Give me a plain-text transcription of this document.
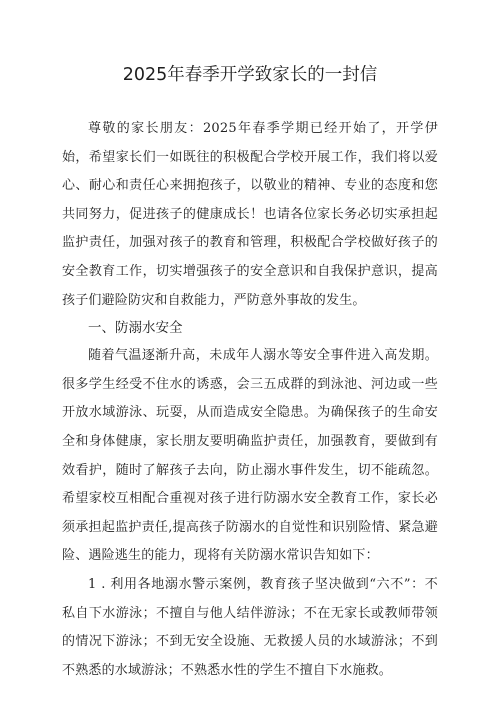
2025年春季开学致家长的一封信

尊敬的家长朋友：2025年春季学期已经开始了，开学伊始，希望家长们一如既往的积极配合学校开展工作，我们将以爱心、耐心和责任心来拥抱孩子，以敬业的精神、专业的态度和您共同努力，促进孩子的健康成长！也请各位家长务必切实承担起监护责任，加强对孩子的教育和管理，积极配合学校做好孩子的安全教育工作，切实增强孩子的安全意识和自我保护意识，提高孩子们避险防灾和自救能力，严防意外事故的发生。

一、防溺水安全

随着气温逐渐升高，未成年人溺水等安全事件进入高发期。很多学生经受不住水的诱惑，会三五成群的到泳池、河边或一些开放水域游泳、玩耍，从而造成安全隐患。为确保孩子的生命安全和身体健康，家长朋友要明确监护责任，加强教育，要做到有效看护，随时了解孩子去向，防止溺水事件发生，切不能疏忽。希望家校互相配合重视对孩子进行防溺水安全教育工作，家长必须承担起监护责任,提高孩子防溺水的自觉性和识别险情、紧急避险、遇险逃生的能力，现将有关防溺水常识告知如下：

1 . 利用各地溺水警示案例，教育孩子坚决做到“六不”：不私自下水游泳；不擅自与他人结伴游泳；不在无家长或教师带领的情况下游泳；不到无安全设施、无救援人员的水域游泳；不到不熟悉的水域游泳；不熟悉水性的学生不擅自下水施救。
